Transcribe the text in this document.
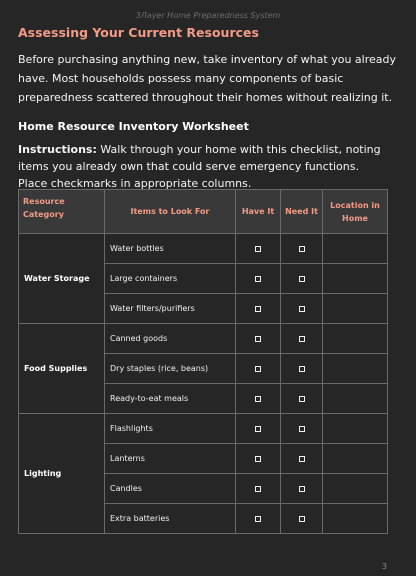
ЗЛayer Home Preparedness System
Assessing Your Current Resources

Before purchasing anything new, take inventory of what you already have. Most households possess many components of basic preparedness scattered throughout their homes without realizing it.

Home Resource Inventory Worksheet

Instructions: Walk through your home with this checklist, noting items you already own that could serve emergency functions.
Place checkmarks in appropriate columns.

Resource Category	Items to Look For	Have It	Need It	Location in Home
Water Storage	Water bottles			
	Large containers			
	Water filters/purifiers			
Food Supplies	Canned goods			
	Dry staples (rice, beans)			
	Ready-to-eat meals			
Lighting	Flashlights			
	Lanterns			
	Candles			
	Extra batteries			
3
